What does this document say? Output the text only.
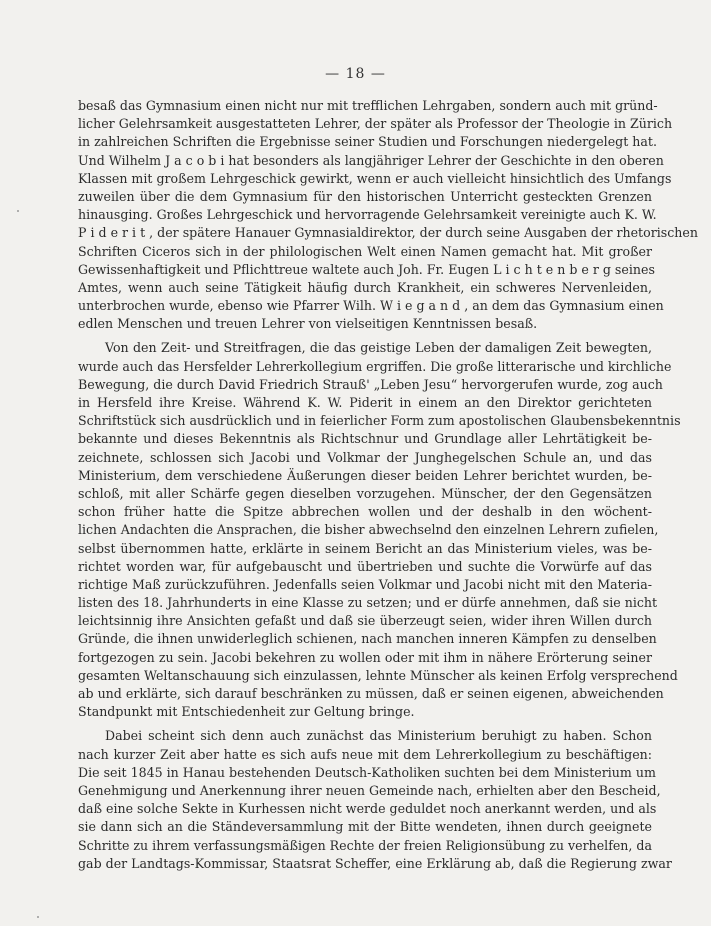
— 18 —
besaß das Gymnasium einen nicht nur mit trefflichen Lehrgaben, sondern auch mit gründ-
licher Gelehrsamkeit ausgestatteten Lehrer, der später als Professor der Theologie in Zürich
in zahlreichen Schriften die Ergebnisse seiner Studien und Forschungen niedergelegt hat.
Und Wilhelm J a c o b i hat besonders als langjähriger Lehrer der Geschichte in den oberen
Klassen mit großem Lehrgeschick gewirkt, wenn er auch vielleicht hinsichtlich des Umfangs
zuweilen über die dem Gymnasium für den historischen Unterricht gesteckten Grenzen
hinausging. Großes Lehrgeschick und hervorragende Gelehrsamkeit vereinigte auch K. W.
P i d e r i t , der spätere Hanauer Gymnasialdirektor, der durch seine Ausgaben der rhetorischen
Schriften Ciceros sich in der philologischen Welt einen Namen gemacht hat. Mit großer
Gewissenhaftigkeit und Pflichttreue waltete auch Joh. Fr. Eugen L i c h t e n b e r g seines
Amtes, wenn auch seine Tätigkeit häufig durch Krankheit, ein schweres Nervenleiden,
unterbrochen wurde, ebenso wie Pfarrer Wilh. W i e g a n d , an dem das Gymnasium einen
edlen Menschen und treuen Lehrer von vielseitigen Kenntnissen besaß.
Von den Zeit- und Streitfragen, die das geistige Leben der damaligen Zeit bewegten,
wurde auch das Hersfelder Lehrerkollegium ergriffen. Die große litterarische und kirchliche
Bewegung, die durch David Friedrich Strauß' „Leben Jesu“ hervorgerufen wurde, zog auch
in Hersfeld ihre Kreise. Während K. W. Piderit in einem an den Direktor gerichteten
Schriftstück sich ausdrücklich und in feierlicher Form zum apostolischen Glaubensbekenntnis
bekannte und dieses Bekenntnis als Richtschnur und Grundlage aller Lehrtätigkeit be-
zeichnete, schlossen sich Jacobi und Volkmar der Junghegelschen Schule an, und das
Ministerium, dem verschiedene Äußerungen dieser beiden Lehrer berichtet wurden, be-
schloß, mit aller Schärfe gegen dieselben vorzugehen. Münscher, der den Gegensätzen
schon früher hatte die Spitze abbrechen wollen und der deshalb in den wöchent-
lichen Andachten die Ansprachen, die bisher abwechselnd den einzelnen Lehrern zufielen,
selbst übernommen hatte, erklärte in seinem Bericht an das Ministerium vieles, was be-
richtet worden war, für aufgebauscht und übertrieben und suchte die Vorwürfe auf das
richtige Maß zurückzuführen. Jedenfalls seien Volkmar und Jacobi nicht mit den Materia-
listen des 18. Jahrhunderts in eine Klasse zu setzen; und er dürfe annehmen, daß sie nicht
leichtsinnig ihre Ansichten gefaßt und daß sie überzeugt seien, wider ihren Willen durch
Gründe, die ihnen unwiderleglich schienen, nach manchen inneren Kämpfen zu denselben
fortgezogen zu sein. Jacobi bekehren zu wollen oder mit ihm in nähere Erörterung seiner
gesamten Weltanschauung sich einzulassen, lehnte Münscher als keinen Erfolg versprechend
ab und erklärte, sich darauf beschränken zu müssen, daß er seinen eigenen, abweichenden
Standpunkt mit Entschiedenheit zur Geltung bringe.
Dabei scheint sich denn auch zunächst das Ministerium beruhigt zu haben. Schon
nach kurzer Zeit aber hatte es sich aufs neue mit dem Lehrerkollegium zu beschäftigen:
Die seit 1845 in Hanau bestehenden Deutsch-Katholiken suchten bei dem Ministerium um
Genehmigung und Anerkennung ihrer neuen Gemeinde nach, erhielten aber den Bescheid,
daß eine solche Sekte in Kurhessen nicht werde geduldet noch anerkannt werden, und als
sie dann sich an die Ständeversammlung mit der Bitte wendeten, ihnen durch geeignete
Schritte zu ihrem verfassungsmäßigen Rechte der freien Religionsübung zu verhelfen, da
gab der Landtags-Kommissar, Staatsrat Scheffer, eine Erklärung ab, daß die Regierung zwar
